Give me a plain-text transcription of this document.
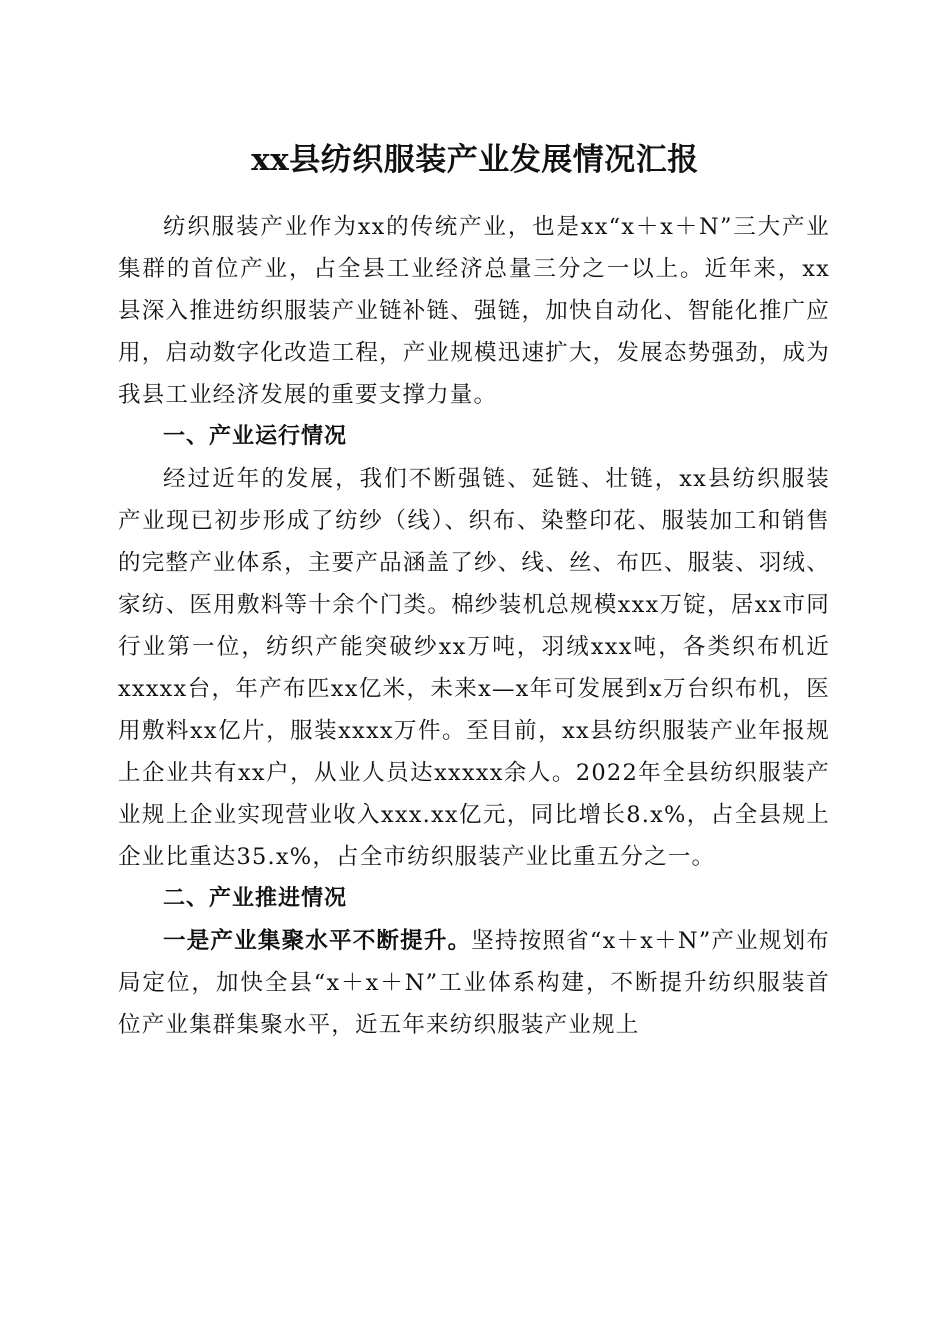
xx县纺织服装产业发展情况汇报

纺织服装产业作为xx的传统产业，也是xx“x＋x＋N”三大产业集群的首位产业，占全县工业经济总量三分之一以上。近年来，xx县深入推进纺织服装产业链补链、强链，加快自动化、智能化推广应用，启动数字化改造工程，产业规模迅速扩大，发展态势强劲，成为我县工业经济发展的重要支撑力量。

一、产业运行情况

经过近年的发展，我们不断强链、延链、壮链，xx县纺织服装产业现已初步形成了纺纱（线）、织布、染整印花、服装加工和销售的完整产业体系，主要产品涵盖了纱、线、丝、布匹、服装、羽绒、家纺、医用敷料等十余个门类。棉纱装机总规模xxx万锭，居xx市同行业第一位，纺织产能突破纱xx万吨，羽绒xxx吨，各类织布机近xxxxx台，年产布匹xx亿米，未来x—x年可发展到x万台织布机，医用敷料xx亿片，服装xxxx万件。至目前，xx县纺织服装产业年报规上企业共有xx户，从业人员达xxxxx余人。2022年全县纺织服装产业规上企业实现营业收入xxx.xx亿元，同比增长8.x%，占全县规上企业比重达35.x%，占全市纺织服装产业比重五分之一。

二、产业推进情况

一是产业集聚水平不断提升。坚持按照省“x＋x＋N”产业规划布局定位，加快全县“x＋x＋N”工业体系构建，不断提升纺织服装首位产业集群集聚水平，近五年来纺织服装产业规上
